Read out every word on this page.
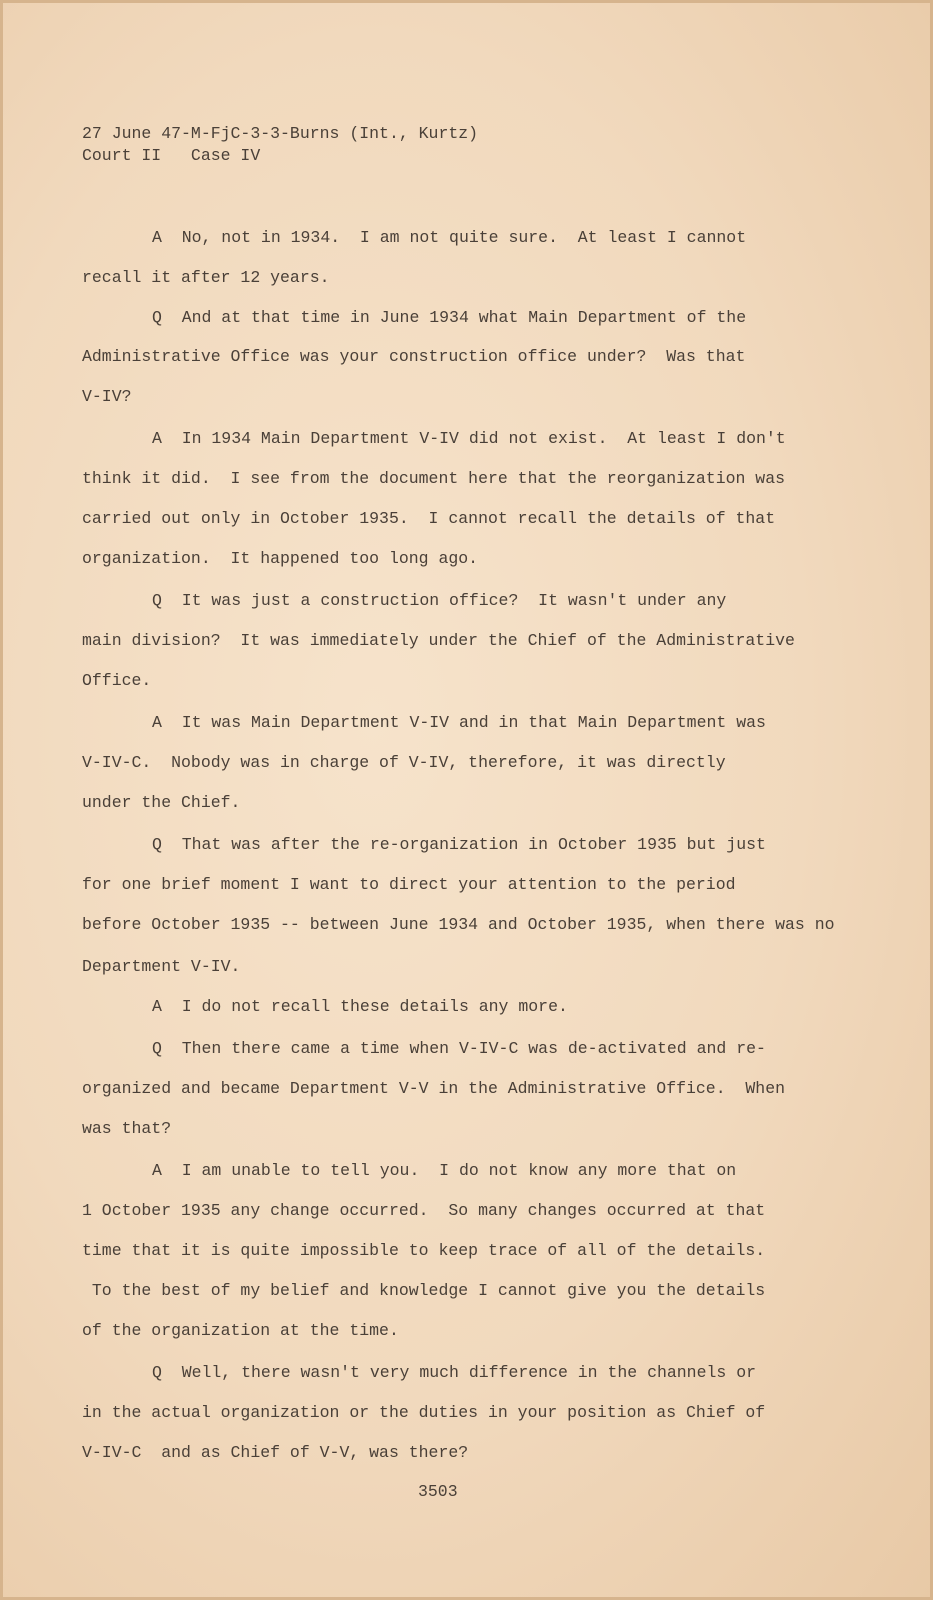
27 June 47-M-FjC-3-3-Burns (Int., Kurtz)
Court II   Case IV
A  No, not in 1934.  I am not quite sure.  At least I cannot
recall it after 12 years.
Q  And at that time in June 1934 what Main Department of the
Administrative Office was your construction office under?  Was that
V-IV?
A  In 1934 Main Department V-IV did not exist.  At least I don't
think it did.  I see from the document here that the reorganization was
carried out only in October 1935.  I cannot recall the details of that
organization.  It happened too long ago.
Q  It was just a construction office?  It wasn't under any
main division?  It was immediately under the Chief of the Administrative
Office.
A  It was Main Department V-IV and in that Main Department was
V-IV-C.  Nobody was in charge of V-IV, therefore, it was directly
under the Chief.
Q  That was after the re-organization in October 1935 but just
for one brief moment I want to direct your attention to the period
before October 1935 -- between June 1934 and October 1935, when there was no
Department V-IV.
A  I do not recall these details any more.
Q  Then there came a time when V-IV-C was de-activated and re-
organized and became Department V-V in the Administrative Office.  When
was that?
A  I am unable to tell you.  I do not know any more that on
1 October 1935 any change occurred.  So many changes occurred at that
time that it is quite impossible to keep trace of all of the details.
To the best of my belief and knowledge I cannot give you the details
of the organization at the time.
Q  Well, there wasn't very much difference in the channels or
in the actual organization or the duties in your position as Chief of
V-IV-C  and as Chief of V-V, was there?
3503
